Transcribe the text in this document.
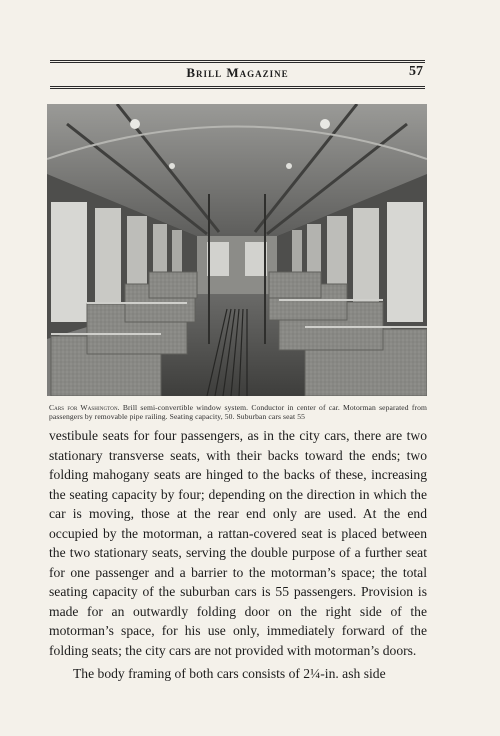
Brill Magazine	57
Cars for Washington. Brill semi-convertible window system. Conductor in center of car. Motorman separated from passengers by removable pipe railing. Seating capacity, 50. Suburban cars seat 55

vestibule seats for four passengers, as in the city cars, there are two stationary transverse seats, with their backs toward the ends; two folding mahogany seats are hinged to the backs of these, increasing the seating capacity by four; depending on the direction in which the car is moving, those at the rear end only are used. At the end occupied by the motorman, a rattan-covered seat is placed between the two stationary seats, serving the double purpose of a further seat for one passenger and a barrier to the motorman’s space; the total seating capacity of the suburban cars is 55 passengers. Provision is made for an outwardly folding door on the right side of the motorman’s space, for his use only, immediately forward of the folding seats; the city cars are not provided with motorman’s doors.

The body framing of both cars consists of 2¼-in. ash side
